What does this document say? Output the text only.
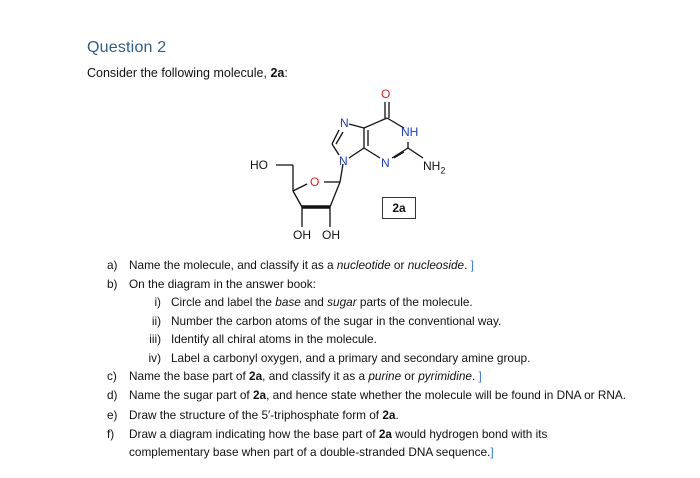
Question 2
Consider the following molecule, 2a:
O
N
NH
N	N	$NH_2$
HO
O
OH OH
2a
a) Name the molecule, and classify it as a nucleotide or nucleoside. ]
b) On the diagram in the answer book:
i) Circle and label the base and sugar parts of the molecule.
ii) Number the carbon atoms of the sugar in the conventional way.
iii) Identify all chiral atoms in the molecule.
iv) Label a carbonyl oxygen, and a primary and secondary amine group.
c) Name the base part of 2a, and classify it as a purine or pyrimidine. ]
d) Name the sugar part of 2a, and hence state whether the molecule will be found in DNA or RNA.
e) Draw the structure of the 5′-triphosphate form of 2a.
f) Draw a diagram indicating how the base part of 2a would hydrogen bond with its complementary base when part of a double-stranded DNA sequence.]
